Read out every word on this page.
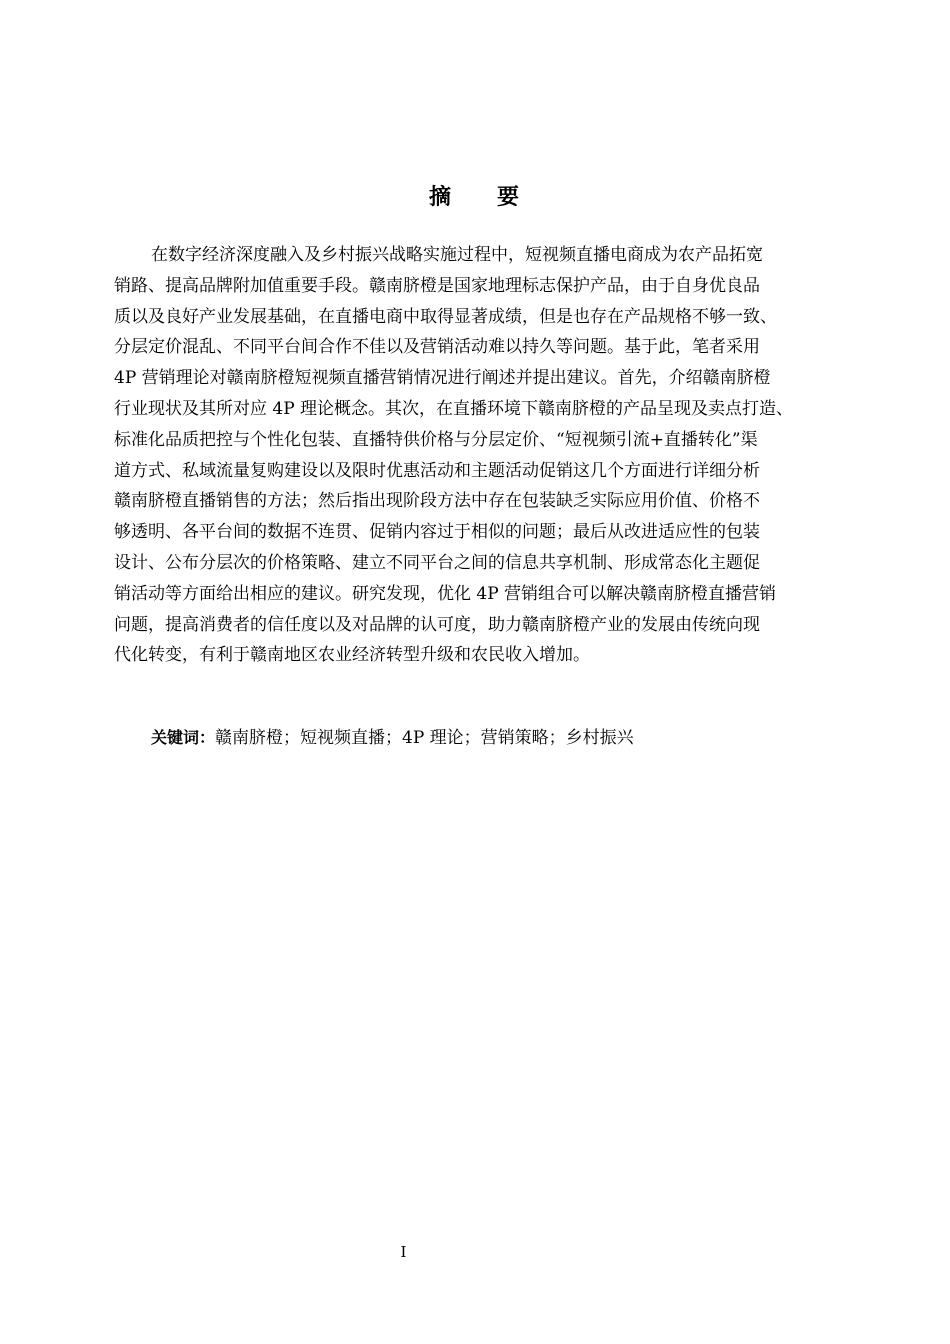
摘 要
在数字经济深度融入及乡村振兴战略实施过程中，短视频直播电商成为农产品拓宽
销路、提高品牌附加值重要手段。赣南脐橙是国家地理标志保护产品，由于自身优良品
质以及良好产业发展基础，在直播电商中取得显著成绩，但是也存在产品规格不够一致、
分层定价混乱、不同平台间合作不佳以及营销活动难以持久等问题。基于此，笔者采用
4P 营销理论对赣南脐橙短视频直播营销情况进行阐述并提出建议。首先，介绍赣南脐橙
行业现状及其所对应 4P 理论概念。其次，在直播环境下赣南脐橙的产品呈现及卖点打造、
标准化品质把控与个性化包装、直播特供价格与分层定价、“短视频引流+直播转化”渠
道方式、私域流量复购建设以及限时优惠活动和主题活动促销这几个方面进行详细分析
赣南脐橙直播销售的方法；然后指出现阶段方法中存在包装缺乏实际应用价值、价格不
够透明、各平台间的数据不连贯、促销内容过于相似的问题；最后从改进适应性的包装
设计、公布分层次的价格策略、建立不同平台之间的信息共享机制、形成常态化主题促
销活动等方面给出相应的建议。研究发现，优化 4P 营销组合可以解决赣南脐橙直播营销
问题，提高消费者的信任度以及对品牌的认可度，助力赣南脐橙产业的发展由传统向现
代化转变，有利于赣南地区农业经济转型升级和农民收入增加。

关键词：赣南脐橙；短视频直播；4P 理论；营销策略；乡村振兴

I
